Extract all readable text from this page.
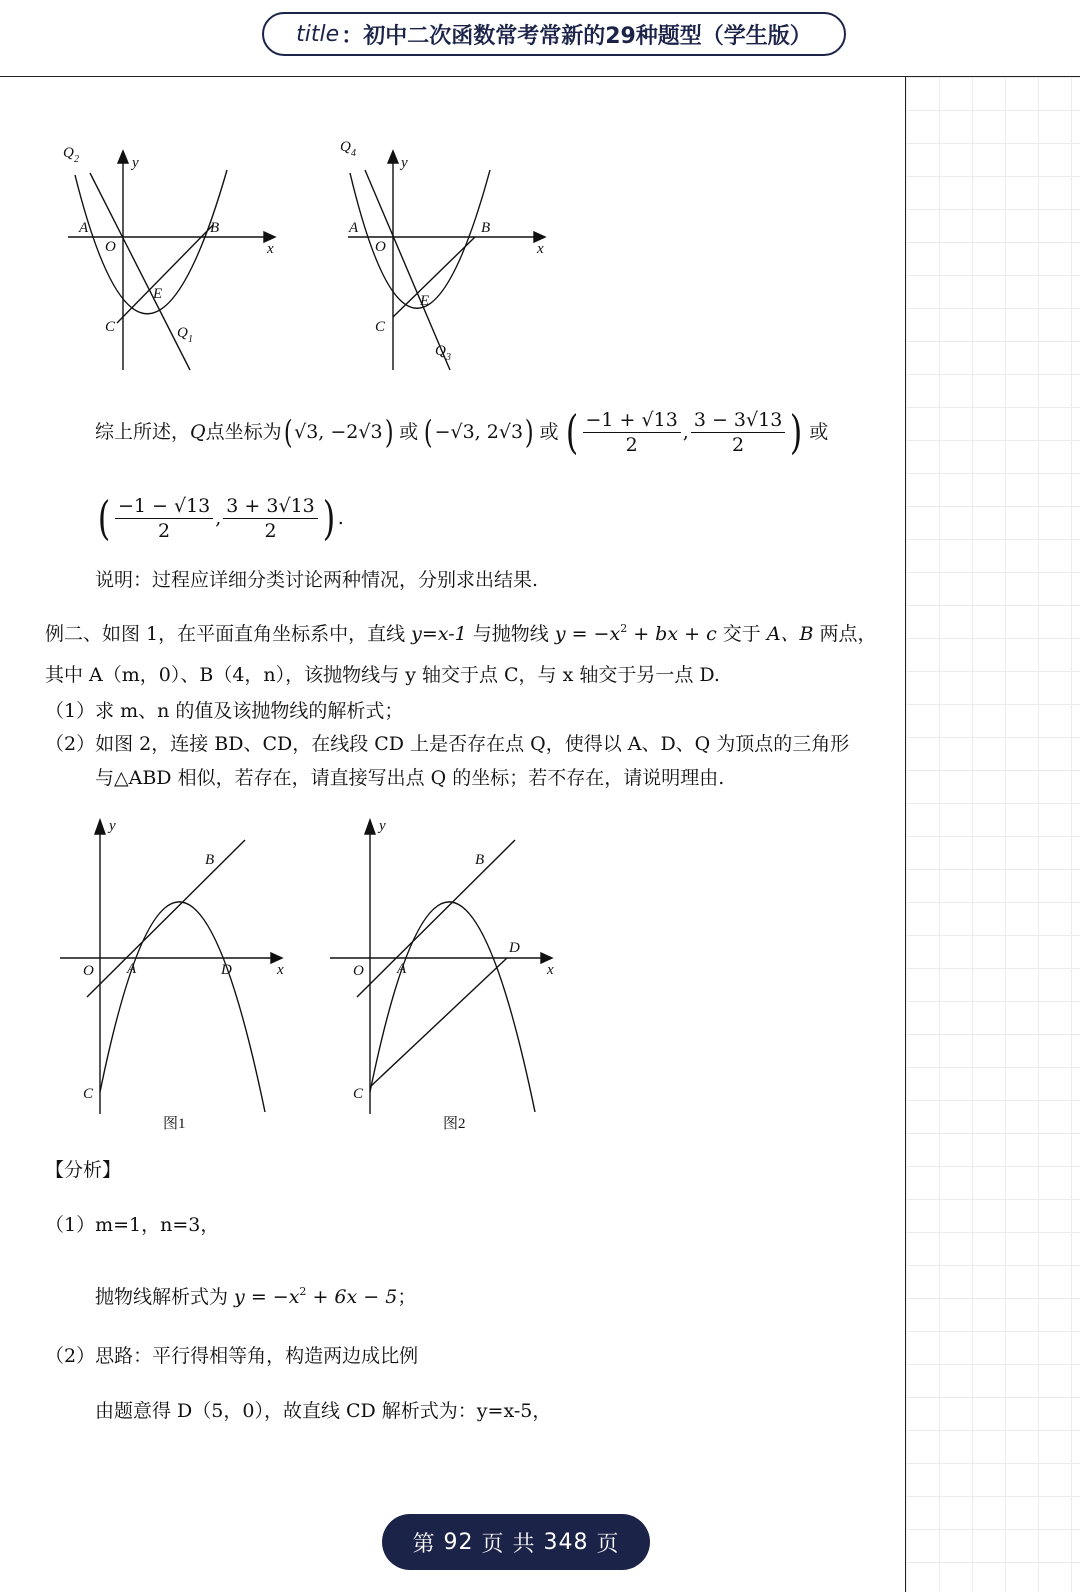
title ：初中二次函数常考常新的29种题型（学生版）
Q 2	y
A
O
B
x
E
C	Q 1
Q 4
y
A
O
B
x
E
C
Q 3
综上所述， Q 点坐标为 ( √3, −2√3 ) 或 ( −√3, 2√3 ) 或 ( $\frac{-1 + √13}{2}$ , $\frac{3 - 3√13}{2}$ ) 或
( $\frac{-1 - √13}{2}$ , $\frac{3 + 3√13}{2}$ ) .
说明：过程应详细分类讨论两种情况，分别求出结果.
例二、如图 1，在平面直角坐标系中，直线 y=x-1 与抛物线 $y = -x^2$ + bx + c 交于 A、B 两点，
其中 A（m，0）、B（4，n），该抛物线与 y 轴交于点 C，与 x 轴交于另一点 D.
（1）求 m、n 的值及该抛物线的解析式；
（2）如图 2，连接 BD、CD，在线段 CD 上是否存在点 Q，使得以 A、D、Q 为顶点的三角形
与△ABD 相似，若存在，请直接写出点 Q 的坐标；若不存在，请说明理由.
y
B
O A	D	x
C
图1
y
B
D
O A	x
C
图2
【分析】
（1）m=1，n=3，
抛物线解析式为 $y = -x^2 + 6x - 5$；
（2）思路：平行得相等角，构造两边成比例
由题意得 D（5，0），故直线 CD 解析式为：y=x-5，
第 92 页 共 348 页
